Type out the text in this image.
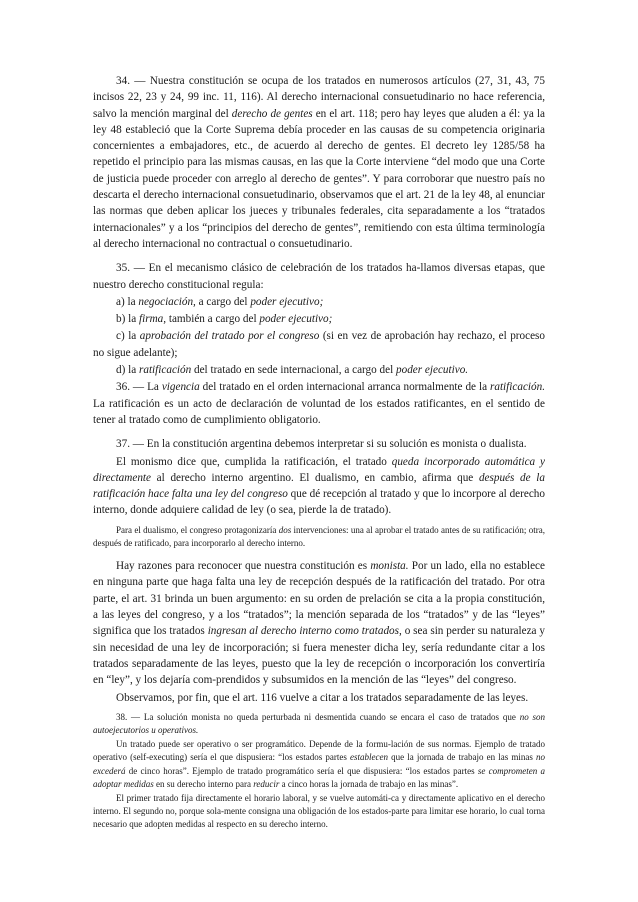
34. — Nuestra constitución se ocupa de los tratados en numerosos artículos (27, 31, 43, 75 incisos 22, 23 y 24, 99 inc. 11, 116). Al derecho internacional consuetudinario no hace referencia, salvo la mención marginal del derecho de gentes en el art. 118; pero hay leyes que aluden a él: ya la ley 48 estableció que la Corte Suprema debía proceder en las causas de su competencia originaria concernientes a embajadores, etc., de acuerdo al derecho de gentes. El decreto ley 1285/58 ha repetido el principio para las mismas causas, en las que la Corte interviene “del modo que una Corte de justicia puede proceder con arreglo al derecho de gentes”. Y para corroborar que nuestro país no descarta el derecho internacional consuetudinario, observamos que el art. 21 de la ley 48, al enunciar las normas que deben aplicar los jueces y tribunales federales, cita separadamente a los “tratados internacionales” y a los “principios del derecho de gentes”, remitiendo con esta última terminología al derecho internacional no contractual o consuetudinario.

35. — En el mecanismo clásico de celebración de los tratados ha-llamos diversas etapas, que nuestro derecho constitucional regula:

a) la negociación, a cargo del poder ejecutivo;

b) la firma, también a cargo del poder ejecutivo;

c) la aprobación del tratado por el congreso (si en vez de aprobación hay rechazo, el proceso no sigue adelante);

d) la ratificación del tratado en sede internacional, a cargo del poder ejecutivo.

36. — La vigencia del tratado en el orden internacional arranca normalmente de la ratificación. La ratificación es un acto de declaración de voluntad de los estados ratificantes, en el sentido de tener al tratado como de cumplimiento obligatorio.

37. — En la constitución argentina debemos interpretar si su solución es monista o dualista.

El monismo dice que, cumplida la ratificación, el tratado queda incorporado automática y directamente al derecho interno argentino. El dualismo, en cambio, afirma que después de la ratificación hace falta una ley del congreso que dé recepción al tratado y que lo incorpore al derecho interno, donde adquiere calidad de ley (o sea, pierde la de tratado).

Para el dualismo, el congreso protagonizaría dos intervenciones: una al aprobar el tratado antes de su ratificación; otra, después de ratificado, para incorporarlo al derecho interno.

Hay razones para reconocer que nuestra constitución es monista. Por un lado, ella no establece en ninguna parte que haga falta una ley de recepción después de la ratificación del tratado. Por otra parte, el art. 31 brinda un buen argumento: en su orden de prelación se cita a la propia constitución, a las leyes del congreso, y a los “tratados”; la mención separada de los “tratados” y de las “leyes” significa que los tratados ingresan al derecho interno como tratados, o sea sin perder su naturaleza y sin necesidad de una ley de incorporación; si fuera menester dicha ley, sería redundante citar a los tratados separadamente de las leyes, puesto que la ley de recepción o incorporación los convertiría en “ley”, y los dejaría com-prendidos y subsumidos en la mención de las “leyes” del congreso.

Observamos, por fin, que el art. 116 vuelve a citar a los tratados separadamente de las leyes.

38. — La solución monista no queda perturbada ni desmentida cuando se encara el caso de tratados que no son autoejecutorios u operativos.

Un tratado puede ser operativo o ser programático. Depende de la formu-lación de sus normas. Ejemplo de tratado operativo (self-executing) sería el que dispusiera: “los estados partes establecen que la jornada de trabajo en las minas no excederá de cinco horas”. Ejemplo de tratado programático sería el que dispusiera: “los estados partes se comprometen a adoptar medidas en su derecho interno para reducir a cinco horas la jornada de trabajo en las minas”.

El primer tratado fija directamente el horario laboral, y se vuelve automáti-ca y directamente aplicativo en el derecho interno. El segundo no, porque sola-mente consigna una obligación de los estados-parte para limitar ese horario, lo cual torna necesario que adopten medidas al respecto en su derecho interno.
